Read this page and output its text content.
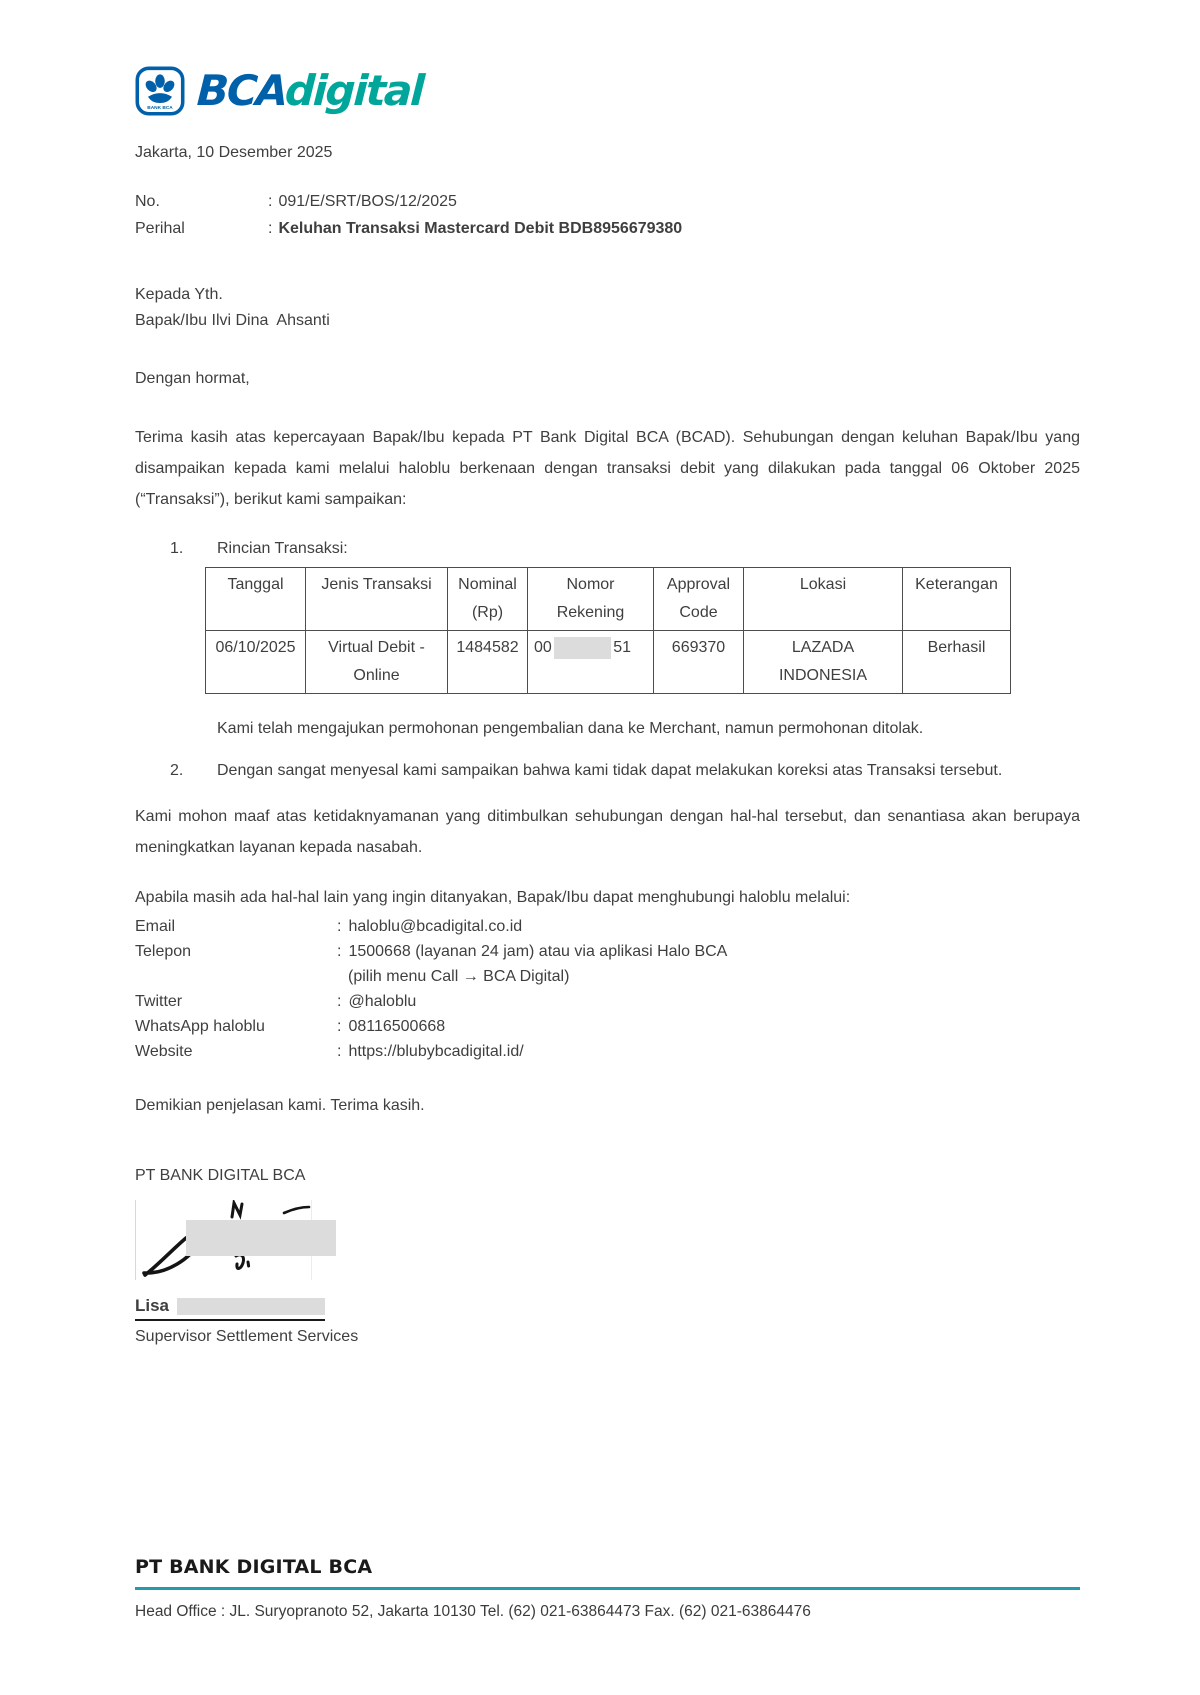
BANK BCA BCAdigital
Jakarta, 10 Desember 2025
No.	: 091/E/SRT/BOS/12/2025
Perihal	: Keluhan Transaksi Mastercard Debit BDB8956679380
Kepada Yth.
Bapak/Ibu Ilvi Dina  Ahsanti
Dengan hormat,
Terima kasih atas kepercayaan Bapak/Ibu kepada PT Bank Digital BCA (BCAD). Sehubungan dengan keluhan Bapak/Ibu yang disampaikan kepada kami melalui haloblu berkenaan dengan transaksi debit yang dilakukan pada tanggal 06 Oktober 2025 (“Transaksi”), berikut kami sampaikan:
1.	Rincian Transaksi:
Tanggal	Jenis Transaksi	Nominal (Rp)	Nomor Rekening	Approval Code	Lokasi	Keterangan
06/10/2025	Virtual Debit - Online	1484582	00 51	669370	LAZADA INDONESIA	Berhasil
Kami telah mengajukan permohonan pengembalian dana ke Merchant, namun permohonan ditolak.
2.	Dengan sangat menyesal kami sampaikan bahwa kami tidak dapat melakukan koreksi atas Transaksi tersebut.
Kami mohon maaf atas ketidaknyamanan yang ditimbulkan sehubungan dengan hal-hal tersebut, dan senantiasa akan berupaya meningkatkan layanan kepada nasabah.
Apabila masih ada hal-hal lain yang ingin ditanyakan, Bapak/Ibu dapat menghubungi haloblu melalui:
Email	: haloblu@bcadigital.co.id
Telepon	: 1500668 (layanan 24 jam) atau via aplikasi Halo BCA
(pilih menu Call → BCA Digital)
Twitter	: @haloblu
WhatsApp haloblu	: 08116500668
Website	: https://blubybcadigital.id/
Demikian penjelasan kami. Terima kasih.
PT BANK DIGITAL BCA
Lisa
Supervisor Settlement Services
PT BANK DIGITAL BCA
Head Office : JL. Suryopranoto 52, Jakarta 10130 Tel. (62) 021-63864473 Fax. (62) 021-63864476
